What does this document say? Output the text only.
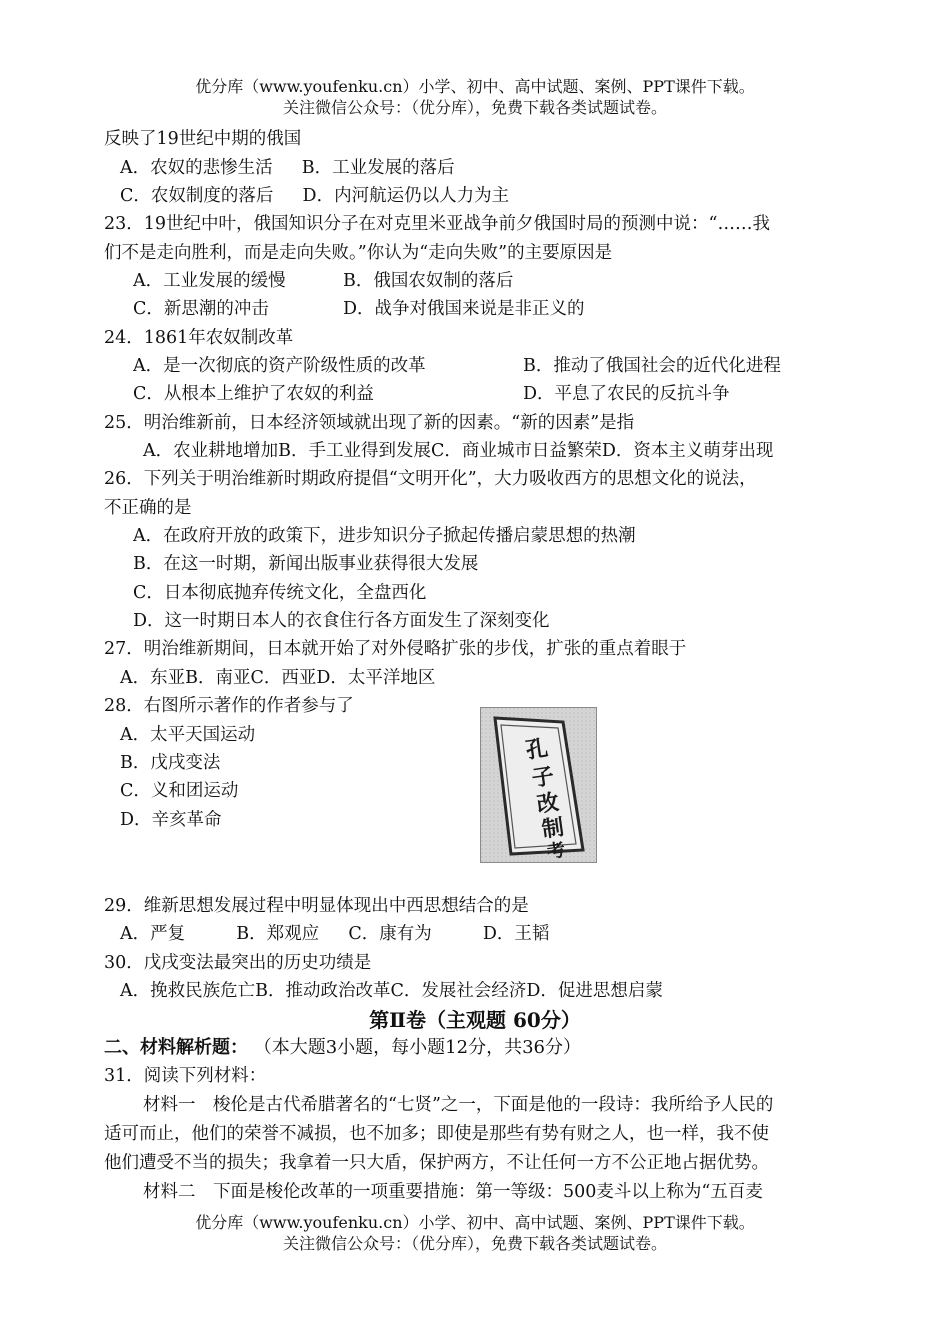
优分库（www.youfenku.cn）小学、初中、高中试题、案例、PPT课件下载。
关注微信公众号：（优分库），免费下载各类试题试卷。
反映了19世纪中期的俄国
A．农奴的悲惨生活 B．工业发展的落后
C．农奴制度的落后 D．内河航运仍以人力为主
23．19世纪中叶，俄国知识分子在对克里米亚战争前夕俄国时局的预测中说：“……我
们不是走向胜利，而是走向失败。”你认为“走向失败”的主要原因是
A．工业发展的缓慢	B．俄国农奴制的落后
C．新思潮的冲击	D．战争对俄国来说是非正义的
24．1861年农奴制改革
A．是一次彻底的资产阶级性质的改革	B．推动了俄国社会的近代化进程
C．从根本上维护了农奴的利益	D．平息了农民的反抗斗争
25．明治维新前，日本经济领域就出现了新的因素。“新的因素”是指
A．农业耕地增加B．手工业得到发展C．商业城市日益繁荣D．资本主义萌芽出现
26．下列关于明治维新时期政府提倡“文明开化”，大力吸收西方的思想文化的说法，
不正确的是
A．在政府开放的政策下，进步知识分子掀起传播启蒙思想的热潮
B．在这一时期，新闻出版事业获得很大发展
C．日本彻底抛弃传统文化，全盘西化
D．这一时期日本人的衣食住行各方面发生了深刻变化
27．明治维新期间，日本就开始了对外侵略扩张的步伐，扩张的重点着眼于
A．东亚B．南亚C．西亚D．太平洋地区
28．右图所示著作的作者参与了
A．太平天国运动
B．戊戌变法
C．义和团运动
D．辛亥革命
孔
子
改
制
考
29．维新思想发展过程中明显体现出中西思想结合的是
A．严复	B．郑观应 C．康有为	D．王韬
30．戊戌变法最突出的历史功绩是
A．挽救民族危亡B．推动政治改革C．发展社会经济D．促进思想启蒙
第Ⅱ卷（主观题 60分）
二、材料解析题： （本大题3小题，每小题12分，共36分）
31．阅读下列材料：
材料一　梭伦是古代希腊著名的“七贤”之一，下面是他的一段诗：我所给予人民的
适可而止，他们的荣誉不减损，也不加多；即使是那些有势有财之人，也一样，我不使
他们遭受不当的损失；我拿着一只大盾，保护两方，不让任何一方不公正地占据优势。
材料二　下面是梭伦改革的一项重要措施：第一等级：500麦斗以上称为“五百麦
优分库（www.youfenku.cn）小学、初中、高中试题、案例、PPT课件下载。
关注微信公众号：（优分库），免费下载各类试题试卷。
